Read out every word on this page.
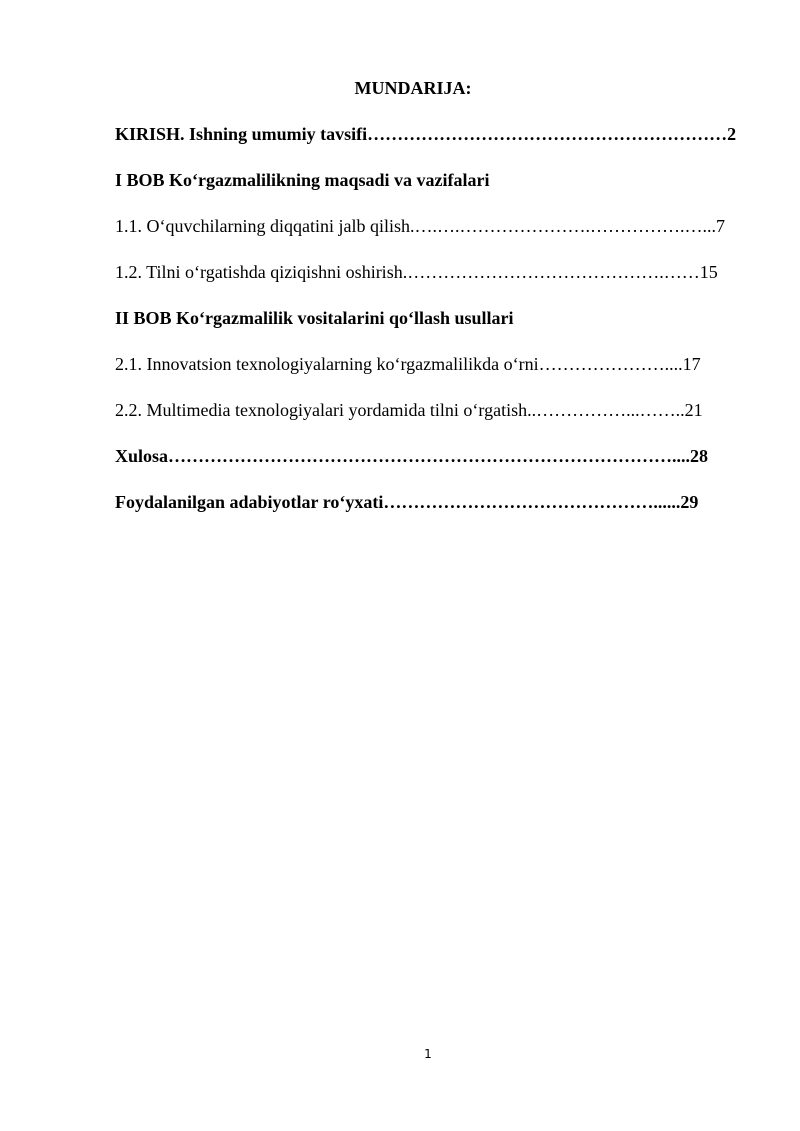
MUNDARIJA:
KIRISH. Ishning umumiy tavsifi……………………………………………………2
I BOB Ko‘rgazmalilikning maqsadi va vazifalari
1.1. O‘quvchilarning diqqatini jalb qilish.….….………………….…………….…...7
1.2. Tilni o‘rgatishda qiziqishni oshirish.…………………………………….……15
II BOB Ko‘rgazmalilik vositalarini qo‘llash usullari
2.1. Innovatsion texnologiyalarning ko‘rgazmalilikda o‘rni…………………....17
2.2. Multimedia texnologiyalari yordamida tilni o‘rgatish..……………...……..21
Xulosa…………………………………………………………………………....28
Foydalanilgan adabiyotlar ro‘yxati………………………………………......29
1
